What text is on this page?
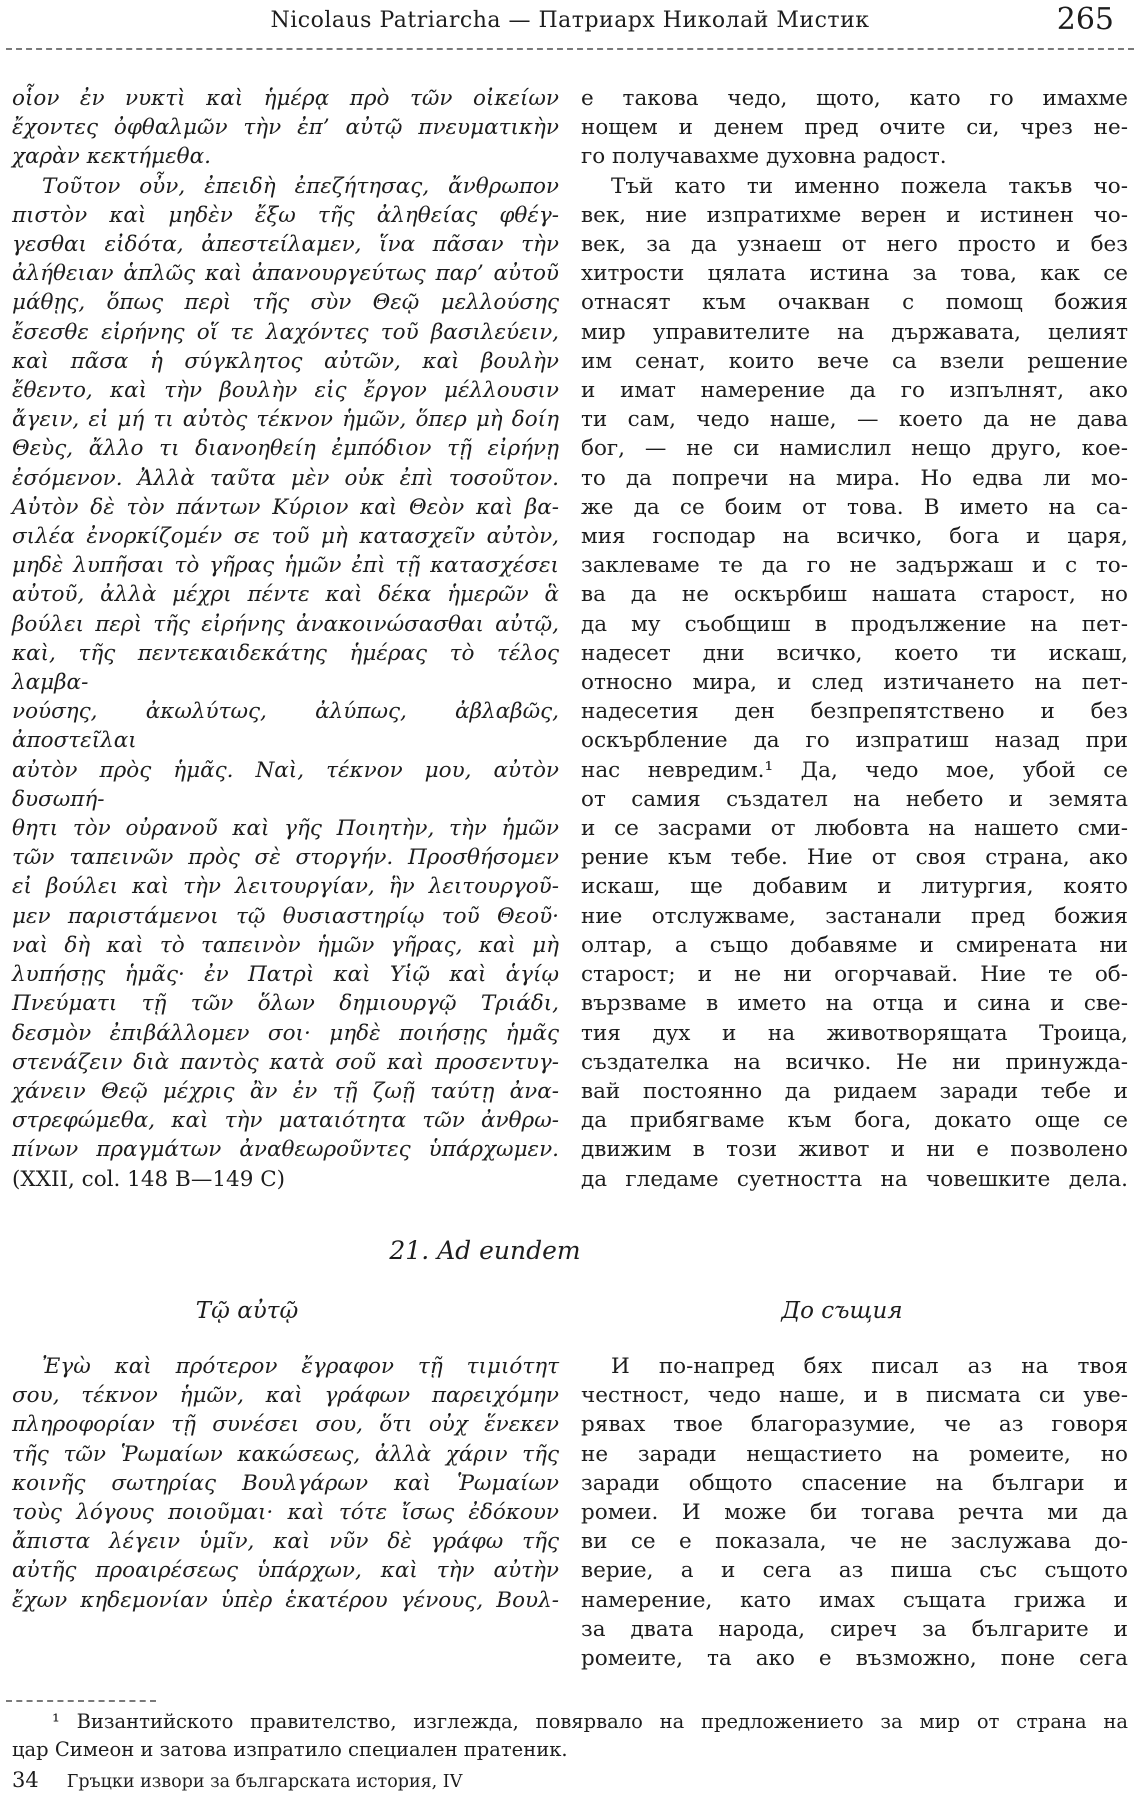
Nicolaus Patriarcha — Патриарх Николай Мистик	265
οἷον ἐν νυκτὶ καὶ ἡμέρᾳ πρὸ τῶν οἰκείων
ἔχοντες ὀφθαλμῶν τὴν ἐπ’ αὐτῷ πνευματικὴν
χαρὰν κεκτήμεθα.
Τοῦτον οὖν, ἐπειδὴ ἐπεζήτησας, ἄνθρωπον
πιστὸν καὶ μηδὲν ἔξω τῆς ἀληθείας φθέγ-
γεσθαι εἰδότα, ἀπεστείλαμεν, ἵνα πᾶσαν τὴν
ἀλήθειαν ἁπλῶς καὶ ἀπανουργεύτως παρ’ αὐτοῦ
μάθῃς, ὅπως περὶ τῆς σὺν Θεῷ μελλούσης
ἔσεσθε εἰρήνης οἵ τε λαχόντες τοῦ βασιλεύειν,
καὶ πᾶσα ἡ σύγκλητος αὐτῶν, καὶ βουλὴν
ἔθεντο, καὶ τὴν βουλὴν εἰς ἔργον μέλλουσιν
ἄγειν, εἰ μή τι αὐτὸς τέκνον ἡμῶν, ὅπερ μὴ δοίη
Θεὺς, ἄλλο τι διανοηθείη ἐμπόδιον τῇ εἰρήνῃ
ἐσόμενον. Ἀλλὰ ταῦτα μὲν οὐκ ἐπὶ τοσοῦτον.
Αὐτὸν δὲ τὸν πάντων Κύριον καὶ Θεὸν καὶ βα-
σιλέα ἐνορκίζομέν σε τοῦ μὴ κατασχεῖν αὐτὸν,
μηδὲ λυπῆσαι τὸ γῆρας ἡμῶν ἐπὶ τῇ κατασχέσει
αὐτοῦ, ἀλλὰ μέχρι πέντε καὶ δέκα ἡμερῶν ἃ
βούλει περὶ τῆς εἰρήνης ἀνακοινώσασθαι αὐτῷ,
καὶ, τῆς πεντεκαιδεκάτης ἡμέρας τὸ τέλος λαμβα-
νούσης, ἀκωλύτως, ἀλύπως, ἀβλαβῶς, ἀποστεῖλαι
αὐτὸν πρὸς ἡμᾶς. Ναὶ, τέκνον μου, αὐτὸν δυσωπή-
θητι τὸν οὐρανοῦ καὶ γῆς Ποιητὴν, τὴν ἡμῶν
τῶν ταπεινῶν πρὸς σὲ στοργήν. Προσθήσομεν
εἰ βούλει καὶ τὴν λειτουργίαν, ἣν λειτουργοῦ-
μεν παριστάμενοι τῷ θυσιαστηρίῳ τοῦ Θεοῦ·
ναὶ δὴ καὶ τὸ ταπεινὸν ἡμῶν γῆρας, καὶ μὴ
λυπήσῃς ἡμᾶς· ἐν Πατρὶ καὶ Υἱῷ καὶ ἁγίῳ
Πνεύματι τῇ τῶν ὅλων δημιουργῷ Τριάδι,
δεσμὸν ἐπιβάλλομεν σοι· μηδὲ ποιήσῃς ἡμᾶς
στενάζειν διὰ παντὸς κατὰ σοῦ καὶ προσεντυγ-
χάνειν Θεῷ μέχρις ἂν ἐν τῇ ζωῇ ταύτῃ ἀνα-
στρεφώμεθα, καὶ τὴν ματαιότητα τῶν ἀνθρω-
πίνων πραγμάτων ἀναθεωροῦντες ὑπάρχωμεν.
(XXII, col. 148 B—149 C)
е такова чедо, щото, като го имахме
нощем и денем пред очите си, чрез не-
го получавахме духовна радост.
Тъй като ти именно пожела такъв чо-
век, ние изпратихме верен и истинен чо-
век, за да узнаеш от него просто и без
хитрости цялата истина за това, как се
отнасят към очакван с помощ божия
мир управителите на държавата, целият
им сенат, които вече са взели решение
и имат намерение да го изпълнят, ако
ти сам, чедо наше, — което да не дава
бог, — не си намислил нещо друго, кое-
то да попречи на мира. Но едва ли мо-
же да се боим от това. В името на са-
мия господар на всичко, бога и царя,
заклеваме те да го не задържаш и с то-
ва да не оскърбиш нашата старост, но
да му съобщиш в продължение на пет-
надесет дни всичко, което ти искаш,
относно мира, и след изтичането на пет-
надесетия ден безпрепятствено и без
оскърбление да го изпратиш назад при
нас невредим.¹ Да, чедо мое, убой се
от самия създател на небето и земята
и се засрами от любовта на нашето сми-
рение към тебе. Ние от своя страна, ако
искаш, ще добавим и литургия, която
ние отслужваме, застанали пред божия
олтар, а също добавяме и смирената ни
старост; и не ни огорчавай. Ние те об-
вързваме в името на отца и сина и све-
тия дух и на животворящата Троица,
създателка на всичко. Не ни принужда-
вай постоянно да ридаем заради тебе и
да прибягваме към бога, докато още се
движим в този живот и ни е позволено
да гледаме суетността на човешките дела.
21. Ad eundem
Τῷ αὐτῷ	До същия
Ἐγὼ καὶ πρότερον ἔγραφον τῇ τιμιότητ
σου, τέκνον ἡμῶν, καὶ γράφων παρειχόμην
πληροφορίαν τῇ συνέσει σου, ὅτι οὐχ ἕνεκεν
τῆς τῶν Ῥωμαίων κακώσεως, ἀλλὰ χάριν τῆς
κοινῆς σωτηρίας Βουλγάρων καὶ Ῥωμαίων
τοὺς λόγους ποιοῦμαι· καὶ τότε ἴσως ἐδόκουν
ἄπιστα λέγειν ὑμῖν, καὶ νῦν δὲ γράφω τῆς
αὐτῆς προαιρέσεως ὑπάρχων, καὶ τὴν αὐτὴν
ἔχων κηδεμονίαν ὑπὲρ ἑκατέρου γένους, Βουλ-
И по-напред бях писал аз на твоя
честност, чедо наше, и в писмата си уве-
рявах твое благоразумие, че аз говоря
не заради нещастието на ромеите, но
заради общото спасение на българи и
ромеи. И може би тогава речта ми да
ви се е показала, че не заслужава до-
верие, а и сега аз пиша със същото
намерение, като имах същата грижа и
за двата народа, сиреч за българите и
ромеите, та ако е възможно, поне сега
¹ Византийското правителство, изглежда, повярвало на предложението за мир от страна на
цар Симеон и затова изпратило специален пратеник.
34 Гръцки извори за българската история, IV
